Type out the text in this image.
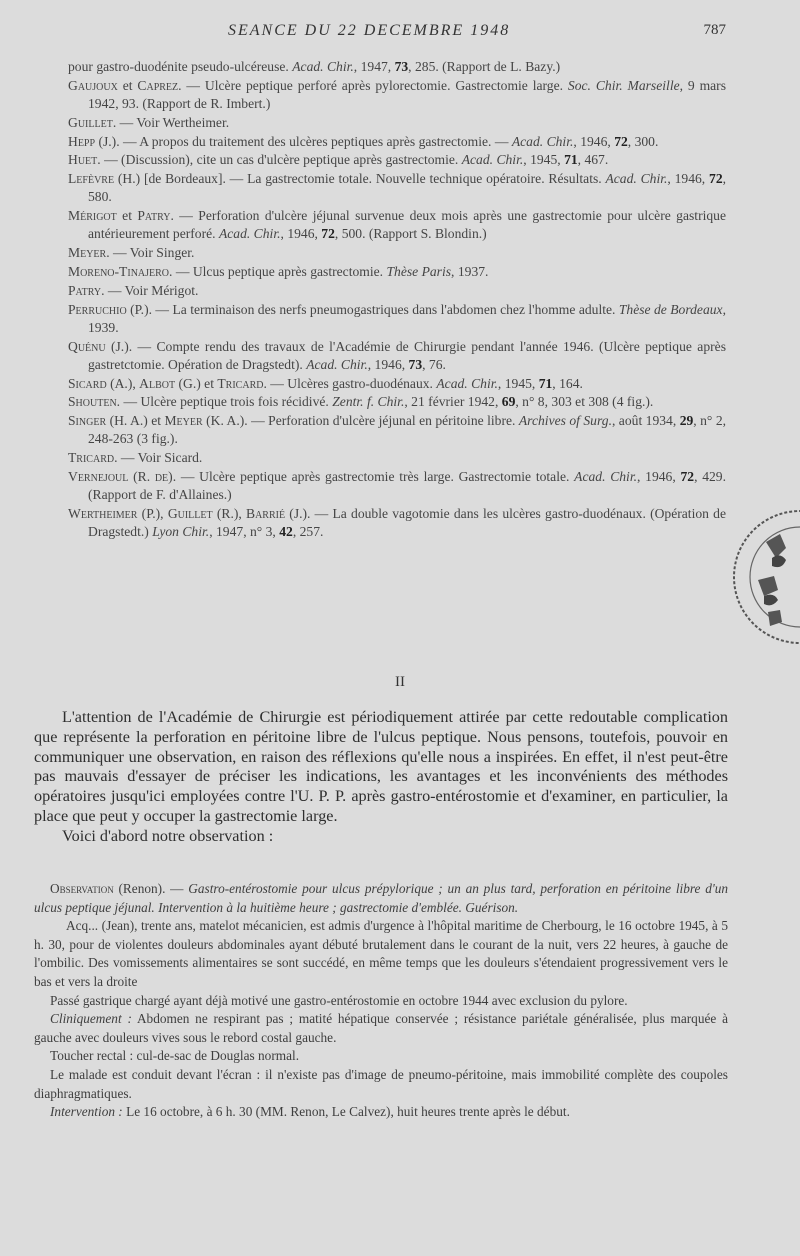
SEANCE DU 22 DECEMBRE 1948	787

pour gastro-duodénite pseudo-ulcéreuse. Acad. Chir., 1947, 73, 285. (Rapport de L. Bazy.)

Gaujoux et Caprez. — Ulcère peptique perforé après pylorectomie. Gastrectomie large. Soc. Chir. Marseille, 9 mars 1942, 93. (Rapport de R. Imbert.)

Guillet. — Voir Wertheimer.

Hepp (J.). — A propos du traitement des ulcères peptiques après gastrectomie. — Acad. Chir., 1946, 72, 300.

Huet. — (Discussion), cite un cas d'ulcère peptique après gastrectomie. Acad. Chir., 1945, 71, 467.

Lefèvre (H.) [de Bordeaux]. — La gastrectomie totale. Nouvelle technique opératoire. Résultats. Acad. Chir., 1946, 72, 580.

Mérigot et Patry. — Perforation d'ulcère jéjunal survenue deux mois après une gastrectomie pour ulcère gastrique antérieurement perforé. Acad. Chir., 1946, 72, 500. (Rapport S. Blondin.)

Meyer. — Voir Singer.

Moreno-Tinajero. — Ulcus peptique après gastrectomie. Thèse Paris, 1937.

Patry. — Voir Mérigot.

Perruchio (P.). — La terminaison des nerfs pneumogastriques dans l'abdomen chez l'homme adulte. Thèse de Bordeaux, 1939.

Quénu (J.). — Compte rendu des travaux de l'Académie de Chirurgie pendant l'année 1946. (Ulcère peptique après gastretctomie. Opération de Dragstedt). Acad. Chir., 1946, 73, 76.

Sicard (A.), Albot (G.) et Tricard. — Ulcères gastro-duodénaux. Acad. Chir., 1945, 71, 164.

Shouten. — Ulcère peptique trois fois récidivé. Zentr. f. Chir., 21 février 1942, 69, n° 8, 303 et 308 (4 fig.).

Singer (H. A.) et Meyer (K. A.). — Perforation d'ulcère jéjunal en péritoine libre. Archives of Surg., août 1934, 29, n° 2, 248-263 (3 fig.).

Tricard. — Voir Sicard.

Vernejoul (R. de). — Ulcère peptique après gastrectomie très large. Gastrectomie totale. Acad. Chir., 1946, 72, 429. (Rapport de F. d'Allaines.)

Wertheimer (P.), Guillet (R.), Barrié (J.). — La double vagotomie dans les ulcères gastro-duodénaux. (Opération de Dragstedt.) Lyon Chir., 1947, n° 3, 42, 257.

II

L'attention de l'Académie de Chirurgie est périodiquement attirée par cette redoutable complication que représente la perforation en péritoine libre de l'ulcus peptique. Nous pensons, toutefois, pouvoir en communiquer une observation, en raison des réflexions qu'elle nous a inspirées. En effet, il n'est peut-être pas mauvais d'essayer de préciser les indications, les avantages et les inconvénients des méthodes opératoires jusqu'ici employées contre l'U. P. P. après gastro-entérostomie et d'examiner, en particulier, la place que peut y occuper la gastrectomie large.

Voici d'abord notre observation :

Observation (Renon). — Gastro-entérostomie pour ulcus prépylorique ; un an plus tard, perforation en péritoine libre d'un ulcus peptique jéjunal. Intervention à la huitième heure ; gastrectomie d'emblée. Guérison.

Acq... (Jean), trente ans, matelot mécanicien, est admis d'urgence à l'hôpital maritime de Cherbourg, le 16 octobre 1945, à 5 h. 30, pour de violentes douleurs abdominales ayant débuté brutalement dans le courant de la nuit, vers 22 heures, à gauche de l'ombilic. Des vomissements alimentaires se sont succédé, en même temps que les douleurs s'étendaient progressivement vers le bas et vers la droite

Passé gastrique chargé ayant déjà motivé une gastro-entérostomie en octobre 1944 avec exclusion du pylore.

Cliniquement : Abdomen ne respirant pas ; matité hépatique conservée ; résistance pariétale généralisée, plus marquée à gauche avec douleurs vives sous le rebord costal gauche.

Toucher rectal : cul-de-sac de Douglas normal.

Le malade est conduit devant l'écran : il n'existe pas d'image de pneumo-péritoine, mais immobilité complète des coupoles diaphragmatiques.

Intervention : Le 16 octobre, à 6 h. 30 (MM. Renon, Le Calvez), huit heures trente après le début.
